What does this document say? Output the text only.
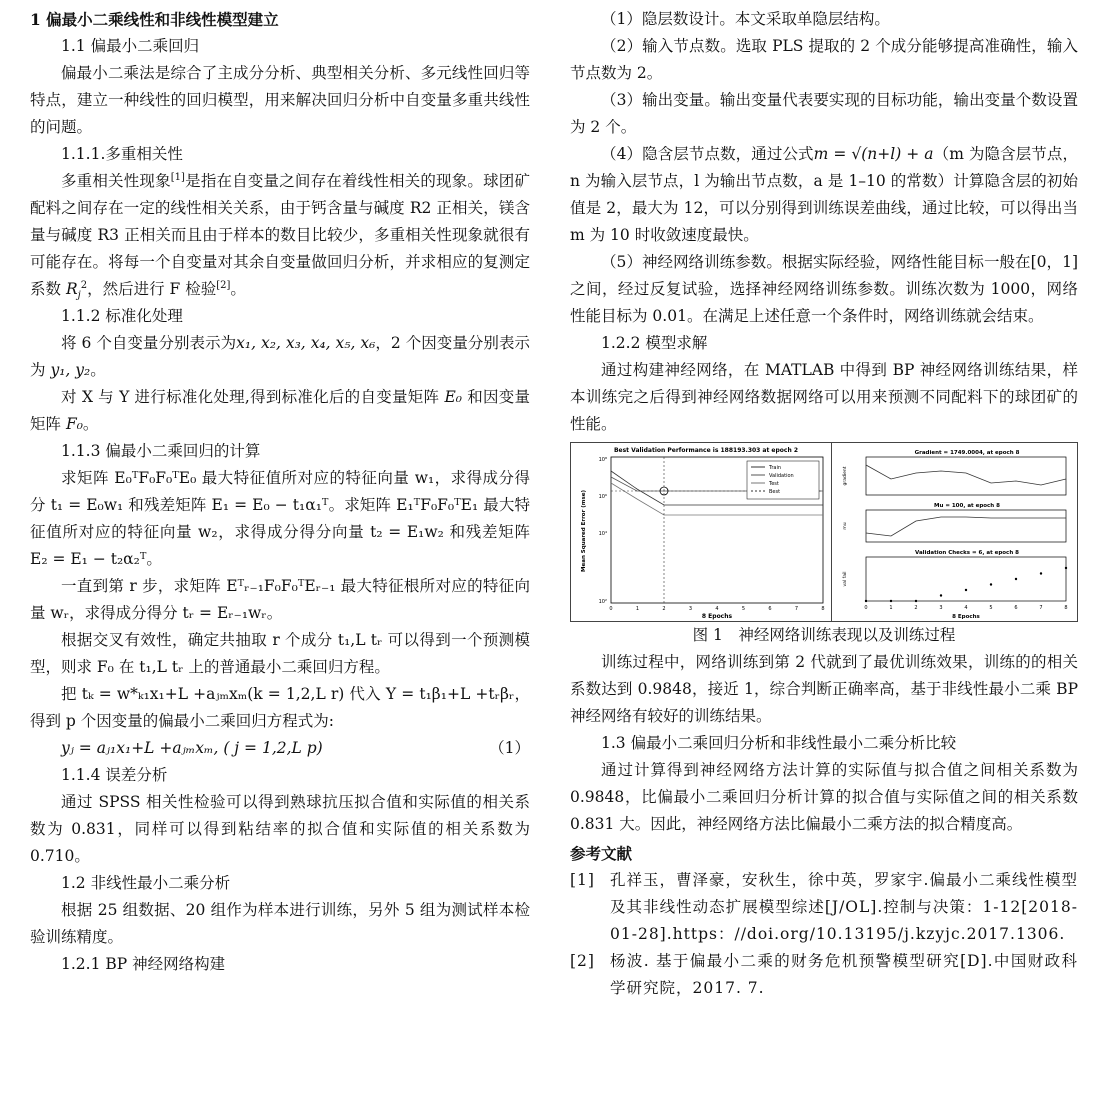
1 偏最小二乘线性和非线性模型建立

1.1 偏最小二乘回归

偏最小二乘法是综合了主成分分析、典型相关分析、多元线性回归等特点，建立一种线性的回归模型，用来解决回归分析中自变量多重共线性的问题。

1.1.1.多重相关性

多重相关性现象[1]是指在自变量之间存在着线性相关的现象。球团矿配料之间存在一定的线性相关关系，由于钙含量与碱度 R2 正相关，镁含量与碱度 R3 正相关而且由于样本的数目比较少，多重相关性现象就很有可能存在。将每一个自变量对其余自变量做回归分析，并求相应的复测定系数 $R_j^2$，然后进行 F 检验[2]。

1.1.2 标准化处理

将 6 个自变量分别表示为x₁, x₂, x₃, x₄, x₅, x₆，2 个因变量分别表示为 y₁, y₂。

对 X 与 Y 进行标准化处理,得到标准化后的自变量矩阵 E₀ 和因变量矩阵 F₀。

1.1.3 偏最小二乘回归的计算

求矩阵 E₀ᵀF₀F₀ᵀE₀ 最大特征值所对应的特征向量 w₁，求得成分得分 t₁ = E₀w₁ 和残差矩阵 E₁ = E₀ − t₁α₁ᵀ。求矩阵 E₁ᵀF₀F₀ᵀE₁ 最大特征值所对应的特征向量 w₂，求得成分得分向量 t₂ = E₁w₂ 和残差矩阵 E₂ = E₁ − t₂α₂ᵀ。

一直到第 r 步，求矩阵 Eᵀᵣ₋₁F₀F₀ᵀEᵣ₋₁ 最大特征根所对应的特征向量 wᵣ，求得成分得分 tᵣ = Eᵣ₋₁wᵣ。

根据交叉有效性，确定共抽取 r 个成分 t₁,L tᵣ 可以得到一个预测模型，则求 F₀ 在 t₁,L tᵣ 上的普通最小二乘回归方程。

把 tₖ = w*ₖ₁x₁+L +aⱼₘxₘ(k = 1,2,L r) 代入 Y = t₁β₁+L +tᵣβᵣ，得到 p 个因变量的偏最小二乘回归方程式为:

yⱼ = aⱼ₁x₁+L +aⱼₘxₘ, ( j = 1,2,L p)	（1）

1.1.4 误差分析

通过 SPSS 相关性检验可以得到熟球抗压拟合值和实际值的相关系数为 0.831，同样可以得到粘结率的拟合值和实际值的相关系数为 0.710。

1.2 非线性最小二乘分析

根据 25 组数据、20 组作为样本进行训练，另外 5 组为测试样本检验训练精度。

1.2.1 BP 神经网络构建

（1）隐层数设计。本文采取单隐层结构。

（2）输入节点数。选取 PLS 提取的 2 个成分能够提高准确性，输入节点数为 2。

（3）输出变量。输出变量代表要实现的目标功能，输出变量个数设置为 2 个。

（4）隐含层节点数，通过公式m = √(n+l) + a（m 为隐含层节点，n 为输入层节点，l 为输出节点数，a 是 1–10 的常数）计算隐含层的初始值是 2，最大为 12，可以分别得到训练误差曲线，通过比较，可以得出当 m 为 10 时收敛速度最快。

（5）神经网络训练参数。根据实际经验，网络性能目标一般在[0，1]之间，经过反复试验，选择神经网络训练参数。训练次数为 1000，网络性能目标为 0.01。在满足上述任意一个条件时，网络训练就会结束。

1.2.2 模型求解

通过构建神经网络，在 MATLAB 中得到 BP 神经网络训练结果，样本训练完之后得到神经网络数据网络可以用来预测不同配料下的球团矿的性能。

Best Validation Performance is 188193.303 at epoch 2
Mean Squared Error (mse)
8 Epochs
10⁸
10⁶
10⁴
10²
0	1	2	3	4	5	6	7	8
Train
Validation
Test
Best
Gradient = 1749.0004, at epoch 8
gradient
Mu = 100, at epoch 8
mu
Validation Checks = 6, at epoch 8
val fail
0	1	2	3	4	5	6	7	8
8 Epochs

图 1　神经网络训练表现以及训练过程

训练过程中，网络训练到第 2 代就到了最优训练效果，训练的的相关系数达到 0.9848，接近 1，综合判断正确率高，基于非线性最小二乘 BP 神经网络有较好的训练结果。

1.3 偏最小二乘回归分析和非线性最小二乘分析比较

通过计算得到神经网络方法计算的实际值与拟合值之间相关系数为 0.9848，比偏最小二乘回归分析计算的拟合值与实际值之间的相关系数 0.831 大。因此，神经网络方法比偏最小二乘方法的拟合精度高。

参考文献

[1] 孔祥玉，曹泽豪，安秋生，徐中英，罗家宇.偏最小二乘线性模型及其非线性动态扩展模型综述[J/OL].控制与决策：1-12[2018-01-28].https：//doi.org/10.13195/j.kzyjc.2017.1306.
[2] 杨波. 基于偏最小二乘的财务危机预警模型研究[D].中国财政科学研究院，2017. 7.
